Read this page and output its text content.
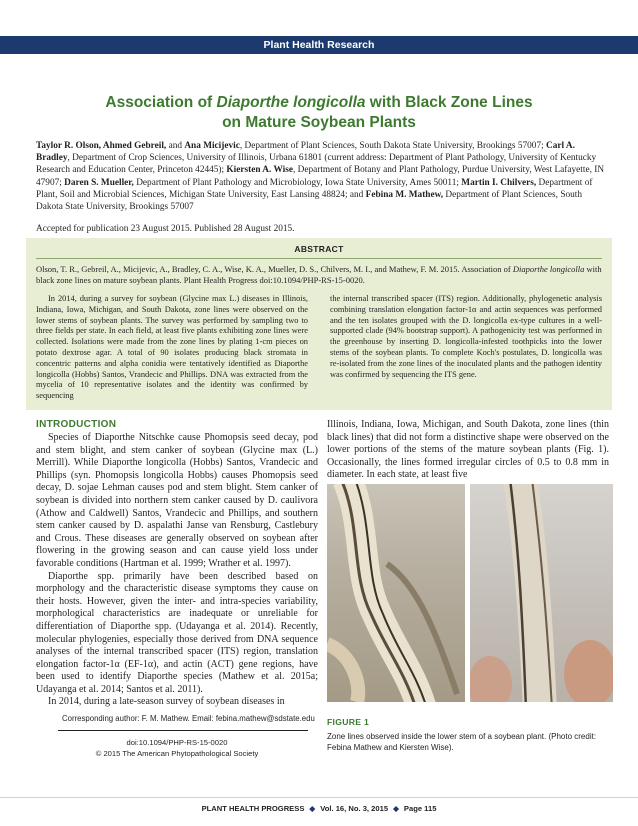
Plant Health Research
Association of Diaporthe longicolla with Black Zone Lines
on Mature Soybean Plants
Taylor R. Olson, Ahmed Gebreil, and Ana Micijevic, Department of Plant Sciences, South Dakota State University, Brookings 57007; Carl A. Bradley, Department of Crop Sciences, University of Illinois, Urbana 61801 (current address: Department of Plant Pathology, University of Kentucky Research and Education Center, Princeton 42445); Kiersten A. Wise, Department of Botany and Plant Pathology, Purdue University, West Lafayette, IN 47907; Daren S. Mueller, Department of Plant Pathology and Microbiology, Iowa State University, Ames 50011; Martin I. Chilvers, Department of Plant, Soil and Microbial Sciences, Michigan State University, East Lansing 48824; and Febina M. Mathew, Department of Plant Sciences, South Dakota State University, Brookings 57007
Accepted for publication 23 August 2015. Published 28 August 2015.
ABSTRACT
Olson, T. R., Gebreil, A., Micijevic, A., Bradley, C. A., Wise, K. A., Mueller, D. S., Chilvers, M. I., and Mathew, F. M. 2015. Association of Diaporthe longicolla with black zone lines on mature soybean plants. Plant Health Progress doi:10.1094/PHP-RS-15-0020.
In 2014, during a survey for soybean (Glycine max L.) diseases in Illinois, Indiana, Iowa, Michigan, and South Dakota, zone lines were observed on the lower stems of soybean plants. The survey was performed by sampling two to three fields per state. In each field, at least five plants exhibiting zone lines were collected. Isolations were made from the zone lines by plating 1-cm pieces on potato dextrose agar. A total of 90 isolates producing black stromata in concentric patterns and alpha conidia were tentatively identified as Diaporthe longicolla (Hobbs) Santos, Vrandecic and Phillips. DNA was extracted from the mycelia of 10 representative isolates and the identity was confirmed by sequencing
the internal transcribed spacer (ITS) region. Additionally, phylogenetic analysis combining translation elongation factor-1α and actin sequences was performed and the ten isolates grouped with the D. longicolla ex-type cultures in a well-supported clade (94% bootstrap support). A pathogenicity test was performed in the greenhouse by inserting D. longicolla-infested toothpicks into the lower stems of the soybean plants. To complete Koch's postulates, D. longicolla was re-isolated from the zone lines of the inoculated plants and the pathogen identity was confirmed by sequencing the ITS gene.
INTRODUCTION
Species of Diaporthe Nitschke cause Phomopsis seed decay, pod and stem blight, and stem canker of soybean (Glycine max (L.) Merrill). While Diaporthe longicolla (Hobbs) Santos, Vrandecic and Phillips (syn. Phomopsis longicolla Hobbs) causes Phomopsis seed decay, D. sojae Lehman causes pod and stem blight. Stem canker of soybean is divided into northern stem canker caused by D. caulivora (Athow and Caldwell) Santos, Vrandecic and Phillips, and southern stem canker caused by D. aspalathi Janse van Rensburg, Castlebury and Crous. These diseases are generally observed on soybean after flowering in the growing season and can cause yield loss under favorable conditions (Hartman et al. 1999; Wrather et al. 1997).
Diaporthe spp. primarily have been described based on morphology and the characteristic disease symptoms they cause on their hosts. However, given the inter- and intra-species variability, morphological characteristics are inadequate or unreliable for differentiation of Diaporthe spp. (Udayanga et al. 2014). Recently, molecular phylogenies, especially those derived from DNA sequence analyses of the internal transcribed spacer (ITS) region, translation elongation factor-1α (EF-1α), and actin (ACT) gene regions, have been used to identify Diaporthe species (Mathew et al. 2015a; Udayanga et al. 2014; Santos et al. 2011).
In 2014, during a late-season survey of soybean diseases in
Illinois, Indiana, Iowa, Michigan, and South Dakota, zone lines (thin black lines) that did not form a distinctive shape were observed on the lower portions of the stems of the mature soybean plants (Fig. 1). Occasionally, the lines formed irregular circles of 0.5 to 0.8 mm in diameter. In each state, at least five
FIGURE 1
Zone lines observed inside the lower stem of a soybean plant. (Photo credit: Febina Mathew and Kiersten Wise).
Corresponding author: F. M. Mathew. Email: febina.mathew@sdstate.edu
doi:10.1094/PHP-RS-15-0020
© 2015 The American Phytopathological Society
PLANT HEALTH PROGRESS ◆ Vol. 16, No. 3, 2015 ◆ Page 115
